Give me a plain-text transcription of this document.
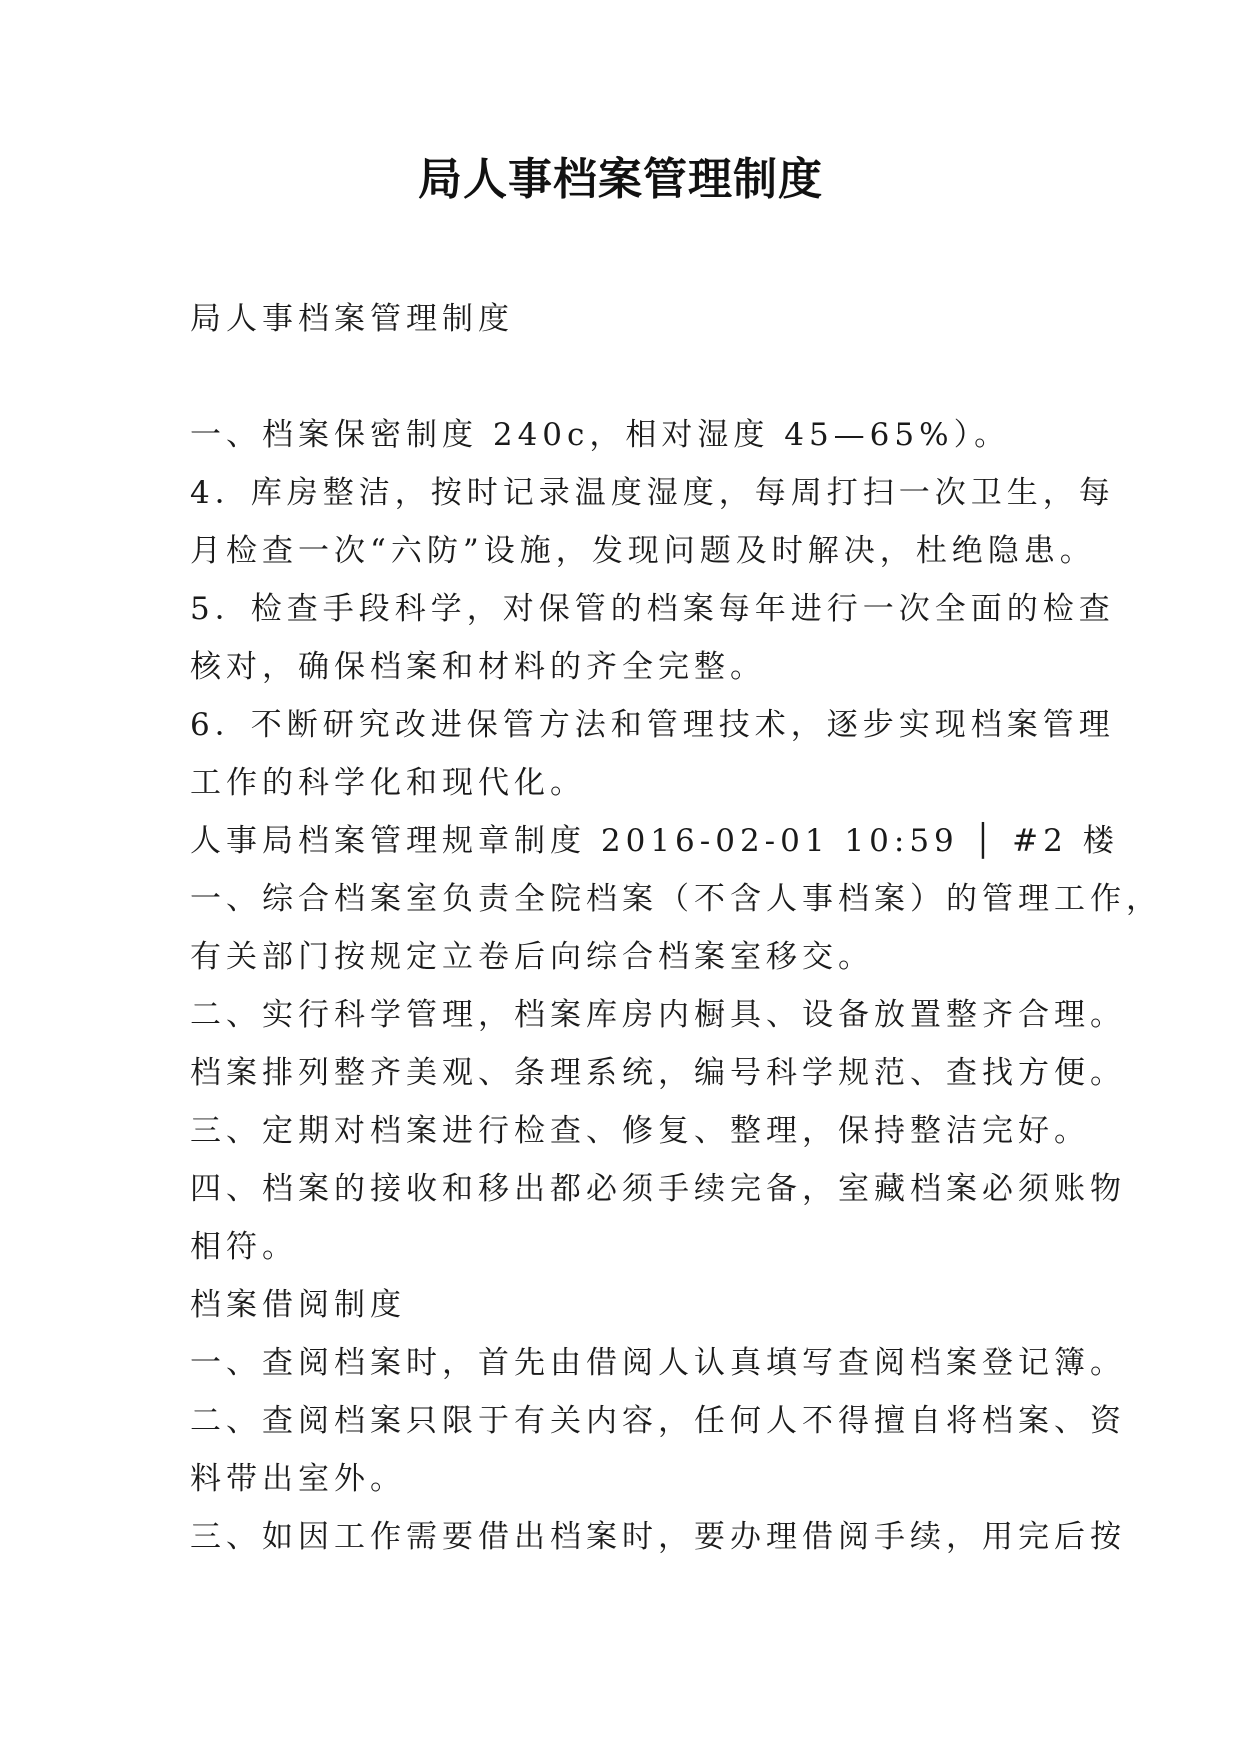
局人事档案管理制度
局人事档案管理制度
一、档案保密制度 240c，相对湿度 45—65%）。
4．库房整洁，按时记录温度湿度，每周打扫一次卫生，每
月检查一次“六防”设施，发现问题及时解决，杜绝隐患。
5．检查手段科学，对保管的档案每年进行一次全面的检查
核对，确保档案和材料的齐全完整。
6．不断研究改进保管方法和管理技术，逐步实现档案管理
工作的科学化和现代化。
人事局档案管理规章制度 2016-02-01 10:59 │ #2 楼
一、综合档案室负责全院档案（不含人事档案）的管理工作，
有关部门按规定立卷后向综合档案室移交。
二、实行科学管理，档案库房内橱具、设备放置整齐合理。
档案排列整齐美观、条理系统，编号科学规范、查找方便。
三、定期对档案进行检查、修复、整理，保持整洁完好。
四、档案的接收和移出都必须手续完备，室藏档案必须账物
相符。
档案借阅制度
一、查阅档案时，首先由借阅人认真填写查阅档案登记簿。
二、查阅档案只限于有关内容，任何人不得擅自将档案、资
料带出室外。
三、如因工作需要借出档案时，要办理借阅手续，用完后按
